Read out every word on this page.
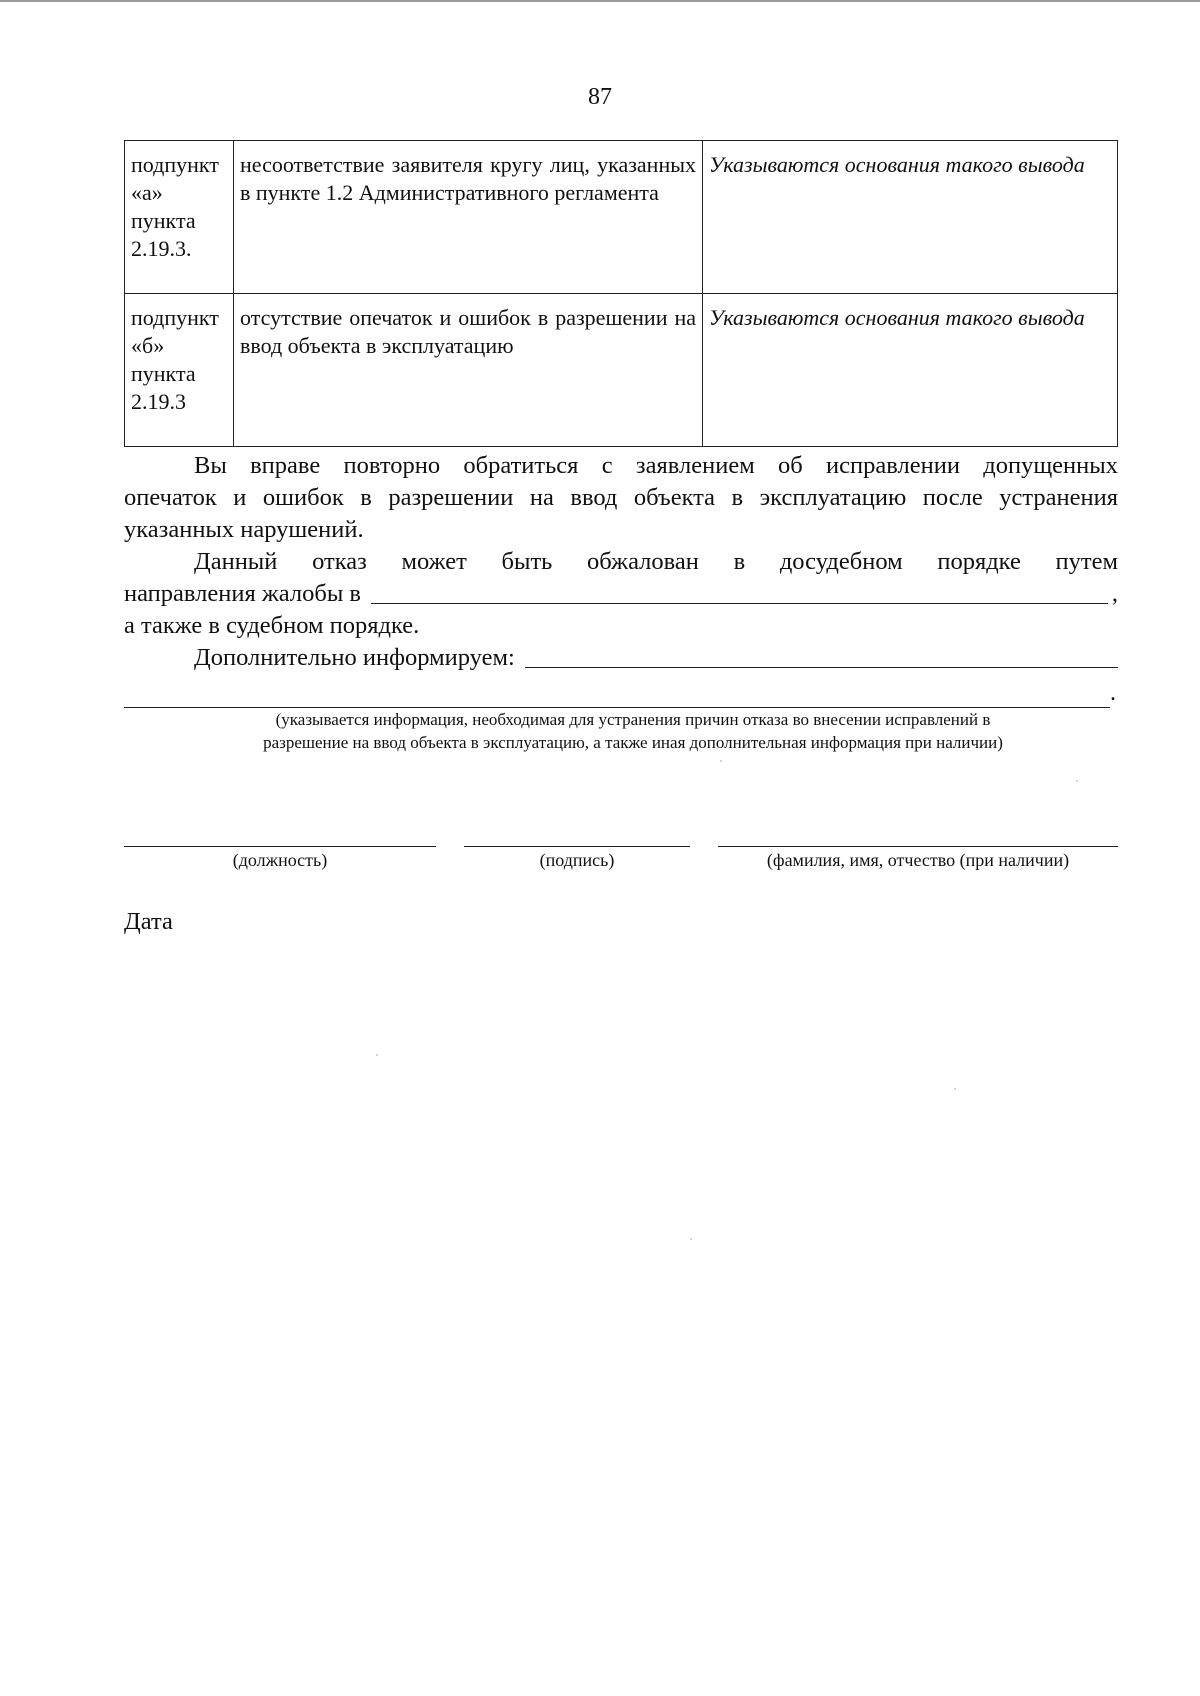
87
подпункт
«а»
пункта
2.19.3.	несоответствие заявителя кругу лиц, указанных в пункте 1.2 Административного регламента	Указываются основания такого вывода

подпункт
«б»
пункта
2.19.3	отсутствие опечаток и ошибок в разрешении на ввод объекта в эксплуатацию	Указываются основания такого вывода
Вы вправе повторно обратиться с заявлением об исправлении допущенных
опечаток и ошибок в разрешении на ввод объекта в эксплуатацию после устранения
указанных нарушений.
Данный отказ может быть обжалован в досудебном порядке путем
направления жалобы в	,
а также в судебном порядке.
Дополнительно информируем:
.
(указывается информация, необходимая для устранения причин отказа во внесении исправлений в
разрешение на ввод объекта в эксплуатацию, а также иная дополнительная информация при наличии)
(должность)	(подпись)	(фамилия, имя, отчество (при наличии)
Дата
